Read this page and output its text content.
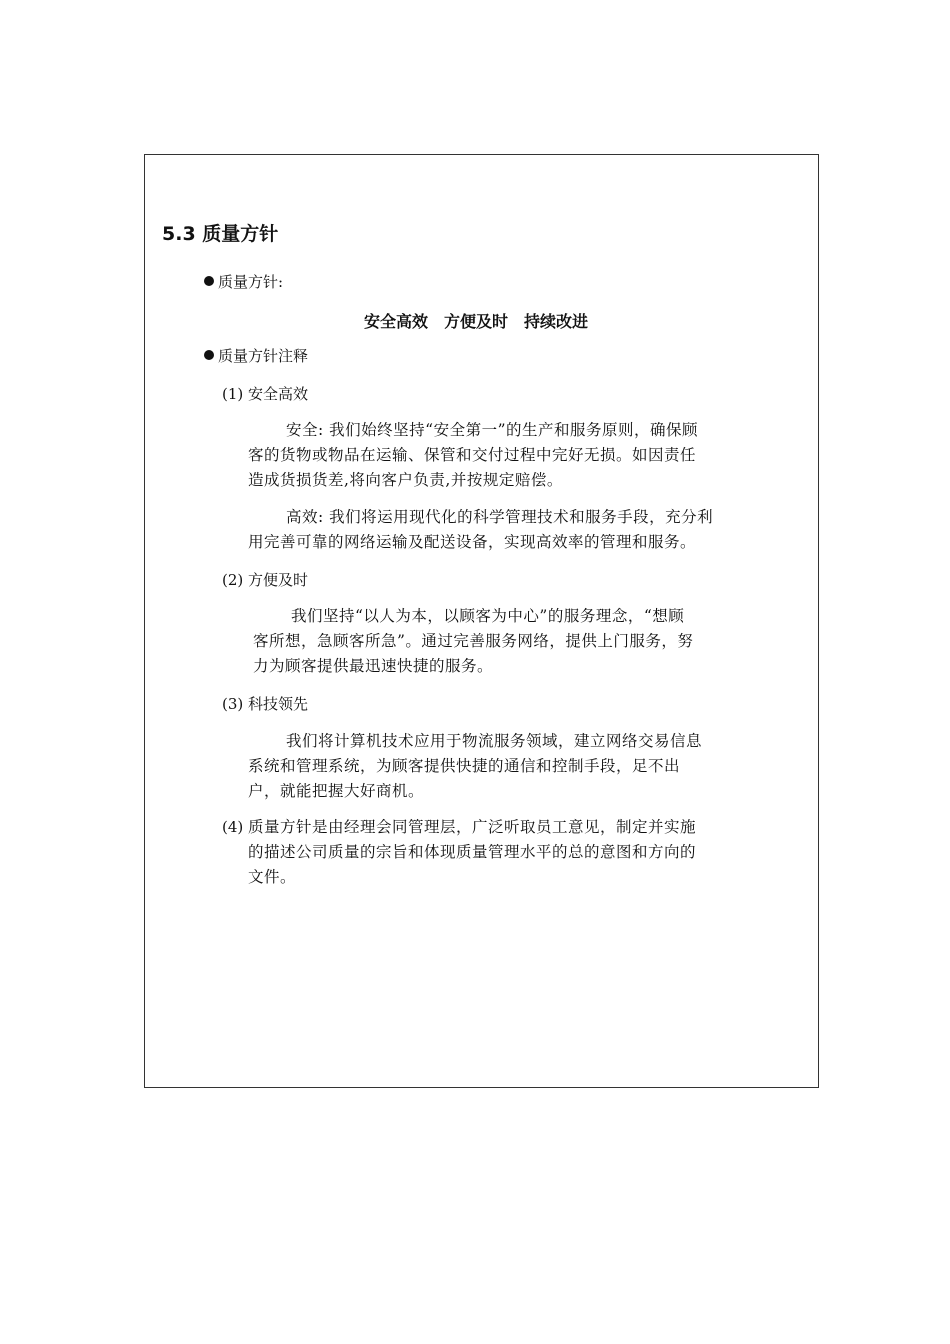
5.3 质量方针
质量方针:
安全高效 方便及时 持续改进
质量方针注释
(1) 安全高效
安全: 我们始终坚持“安全第一”的生产和服务原则，确保顾
客的货物或物品在运输、保管和交付过程中完好无损。如因责任
造成货损货差,将向客户负责,并按规定赔偿。
高效: 我们将运用现代化的科学管理技术和服务手段，充分利
用完善可靠的网络运输及配送设备，实现高效率的管理和服务。
(2) 方便及时
我们坚持“以人为本，以顾客为中心”的服务理念，“想顾
客所想，急顾客所急”。通过完善服务网络，提供上门服务，努
力为顾客提供最迅速快捷的服务。
(3) 科技领先
我们将计算机技术应用于物流服务领域，建立网络交易信息
系统和管理系统，为顾客提供快捷的通信和控制手段，足不出
户，就能把握大好商机。
(4) 质量方针是由经理会同管理层，广泛听取员工意见，制定并实施
的描述公司质量的宗旨和体现质量管理水平的总的意图和方向的
文件。
